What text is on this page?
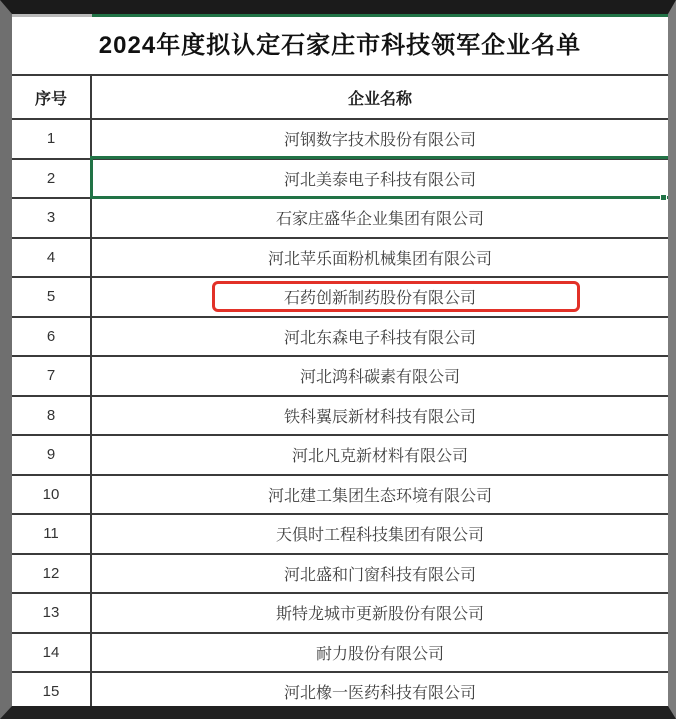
2024年度拟认定石家庄市科技领军企业名单
序号	企业名称
1	河钢数字技术股份有限公司
2	河北美泰电子科技有限公司
3	石家庄盛华企业集团有限公司
4	河北苹乐面粉机械集团有限公司
5	石药创新制药股份有限公司
6	河北东森电子科技有限公司
7	河北鸿科碳素有限公司
8	铁科翼辰新材科技有限公司
9	河北凡克新材料有限公司
10	河北建工集团生态环境有限公司
11	天俱时工程科技集团有限公司
12	河北盛和门窗科技有限公司
13	斯特龙城市更新股份有限公司
14	耐力股份有限公司
15	河北橡一医药科技有限公司
